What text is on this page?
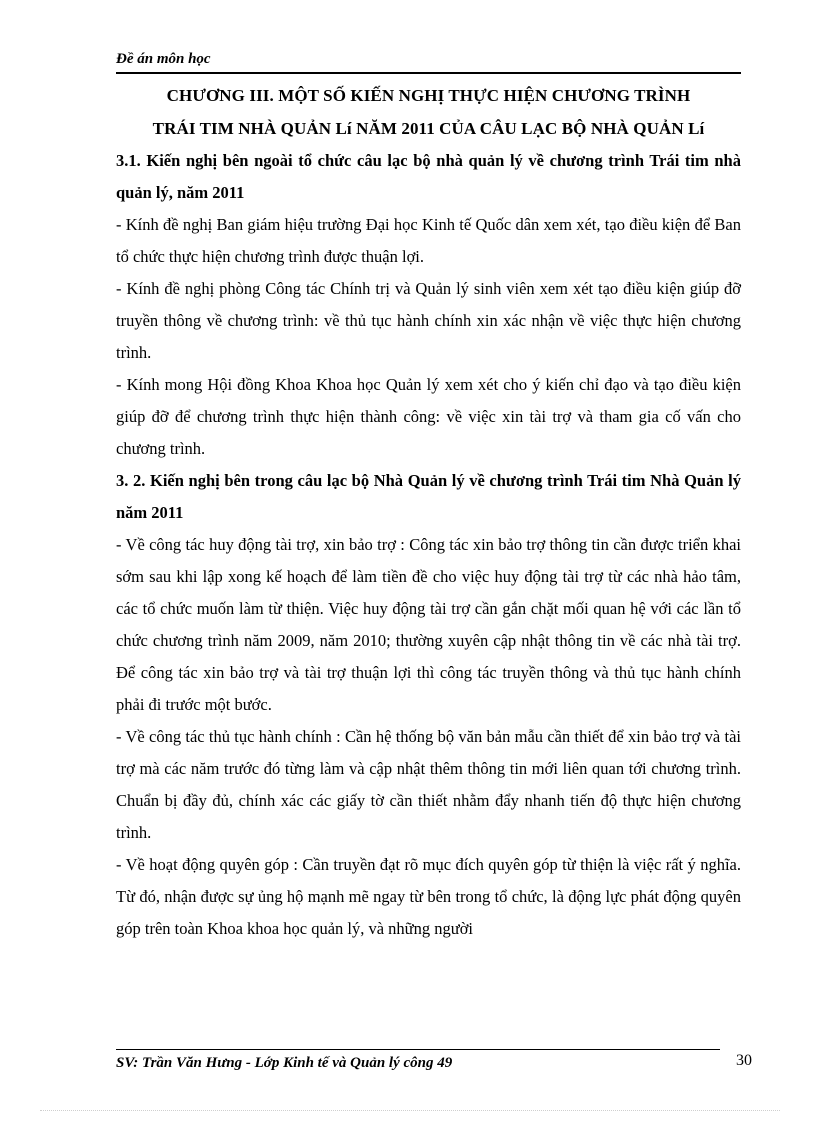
Đề án môn học

CHƯƠNG III. MỘT SỐ KIẾN NGHỊ THỰC HIỆN CHƯƠNG TRÌNH

TRÁI TIM NHÀ QUẢN Lí NĂM 2011 CỦA CÂU LẠC BỘ NHÀ QUẢN Lí

3.1. Kiến nghị bên ngoài tổ chức câu lạc bộ nhà quản lý về chương trình Trái tim nhà quản lý, năm 2011

- Kính đề nghị Ban giám hiệu trường Đại học Kinh tế Quốc dân xem xét, tạo điều kiện để Ban tổ chức thực hiện chương trình được thuận lợi.

- Kính đề nghị phòng Công tác Chính trị và Quản lý sinh viên xem xét tạo điều kiện giúp đỡ truyền thông về chương trình: về thủ tục hành chính xin xác nhận về việc thực hiện chương trình.

- Kính mong Hội đồng Khoa Khoa học Quản lý xem xét cho ý kiến chỉ đạo và tạo điều kiện giúp đỡ để chương trình thực hiện thành công: về việc xin tài trợ và tham gia cố vấn cho chương trình.

3. 2. Kiến nghị bên trong câu lạc bộ Nhà Quản lý về chương trình Trái tim Nhà Quản lý năm 2011

- Về công tác huy động tài trợ, xin bảo trợ : Công tác xin bảo trợ thông tin cần được triển khai sớm sau khi lập xong kế hoạch để làm tiền đề cho việc huy động tài trợ từ các nhà hảo tâm, các tổ chức muốn làm từ thiện. Việc huy động tài trợ cần gắn chặt mối quan hệ với các lần tổ chức chương trình năm 2009, năm 2010; thường xuyên cập nhật thông tin về các nhà tài trợ. Để công tác xin bảo trợ và tài trợ thuận lợi thì công tác truyền thông và thủ tục hành chính phải đi trước một bước.

- Về công tác thủ tục hành chính : Cần hệ thống bộ văn bản mẫu cần thiết để xin bảo trợ và tài trợ mà các năm trước đó từng làm và cập nhật thêm thông tin mới liên quan tới chương trình. Chuẩn bị đầy đủ, chính xác các giấy tờ cần thiết nhằm đẩy nhanh tiến độ thực hiện chương trình.

- Về hoạt động quyên góp : Cần truyền đạt rõ mục đích quyên góp từ thiện là việc rất ý nghĩa. Từ đó, nhận được sự ủng hộ mạnh mẽ ngay từ bên trong tổ chức, là động lực phát động quyên góp trên toàn Khoa khoa học quản lý, và những người

SV: Trần Văn Hưng - Lớp Kinh tế và Quản lý công 49	30
